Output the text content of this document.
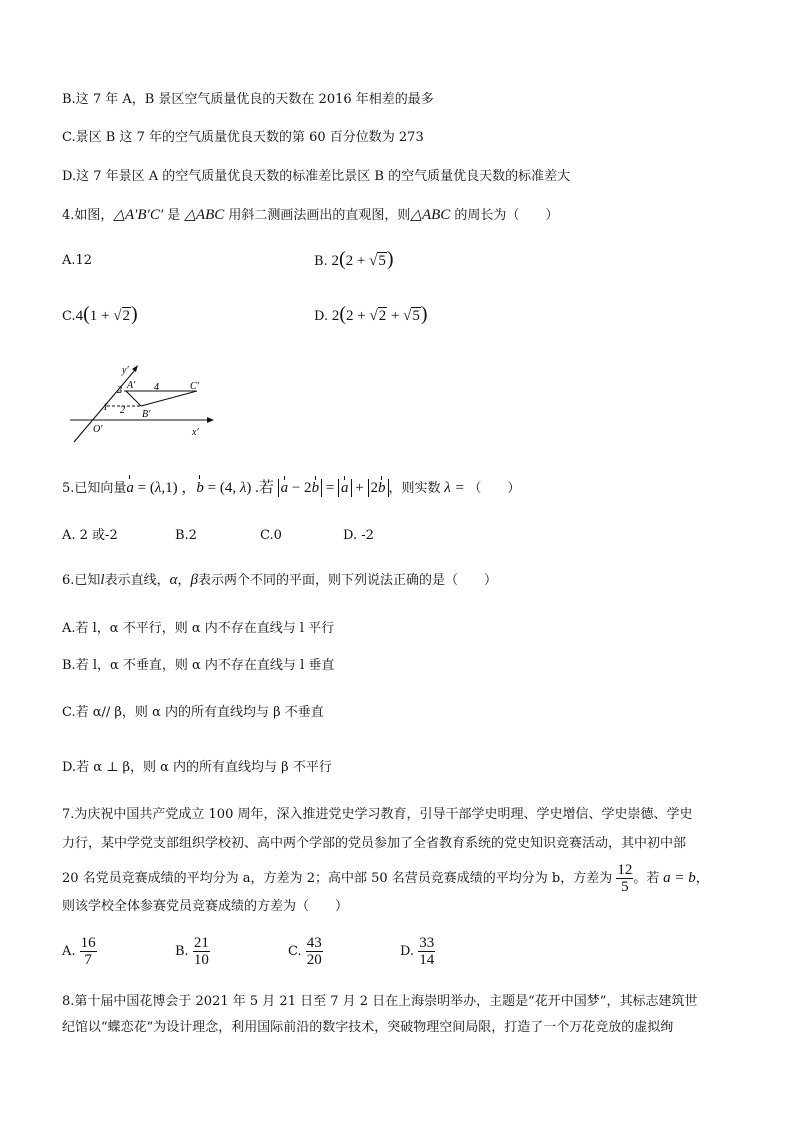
B.这 7 年 A，B 景区空气质量优良的天数在 2016 年相差的最多
C.景区 B 这 7 年的空气质量优良天数的第 60 百分位数为 273
D.这 7 年景区 A 的空气质量优良天数的标准差比景区 B 的空气质量优良天数的标准差大
4.如图，△A′B′C′ 是 △ABC 用斜二测画法画出的直观图，则△ABC 的周长为（　　）
A.12	B. 2(2 + √5)
C.4(1 + √2)	D. 2(2 + √2 + √5)
y′
2 A′ 4	C′
1 2 B′
O′	x′
5.已知向量a = (λ,1) ，b = (4, λ) .若 a − 2b = a + 2b ，则实数 λ = （　　）
A. 2 或-2	B.2	C.0	D. -2
6.已知l表示直线，α，β表示两个不同的平面，则下列说法正确的是（　　）
A.若 l，α 不平行，则 α 内不存在直线与 l 平行
B.若 l，α 不垂直，则 α 内不存在直线与 l 垂直
C.若 α// β，则 α 内的所有直线均与 β 不垂直
D.若 α ⊥ β，则 α 内的所有直线均与 β 不平行
7.为庆祝中国共产党成立 100 周年，深入推进党史学习教育，引导干部学史明理、学史增信、学史崇德、学史
力行，某中学党支部组织学校初、高中两个学部的党员参加了全省教育系统的党史知识竞赛活动，其中初中部
20 名党员竞赛成绩的平均分为 a，方差为 2；高中部 50 名营员竞赛成绩的平均分为 b，方差为 $\frac{12}{5}$ 。若 a = b，
则该学校全体参赛党员竞赛成绩的方差为（　　）
A. $\frac{16}{7}$	B. $\frac{21}{10}$	C. $\frac{43}{20}$	D. $\frac{33}{14}$
8.第十届中国花博会于 2021 年 5 月 21 日至 7 月 2 日在上海崇明举办，主题是“花开中国梦”，其标志建筑世
纪馆以“蝶恋花”为设计理念，利用国际前沿的数字技术，突破物理空间局限，打造了一个万花竞放的虚拟绚
